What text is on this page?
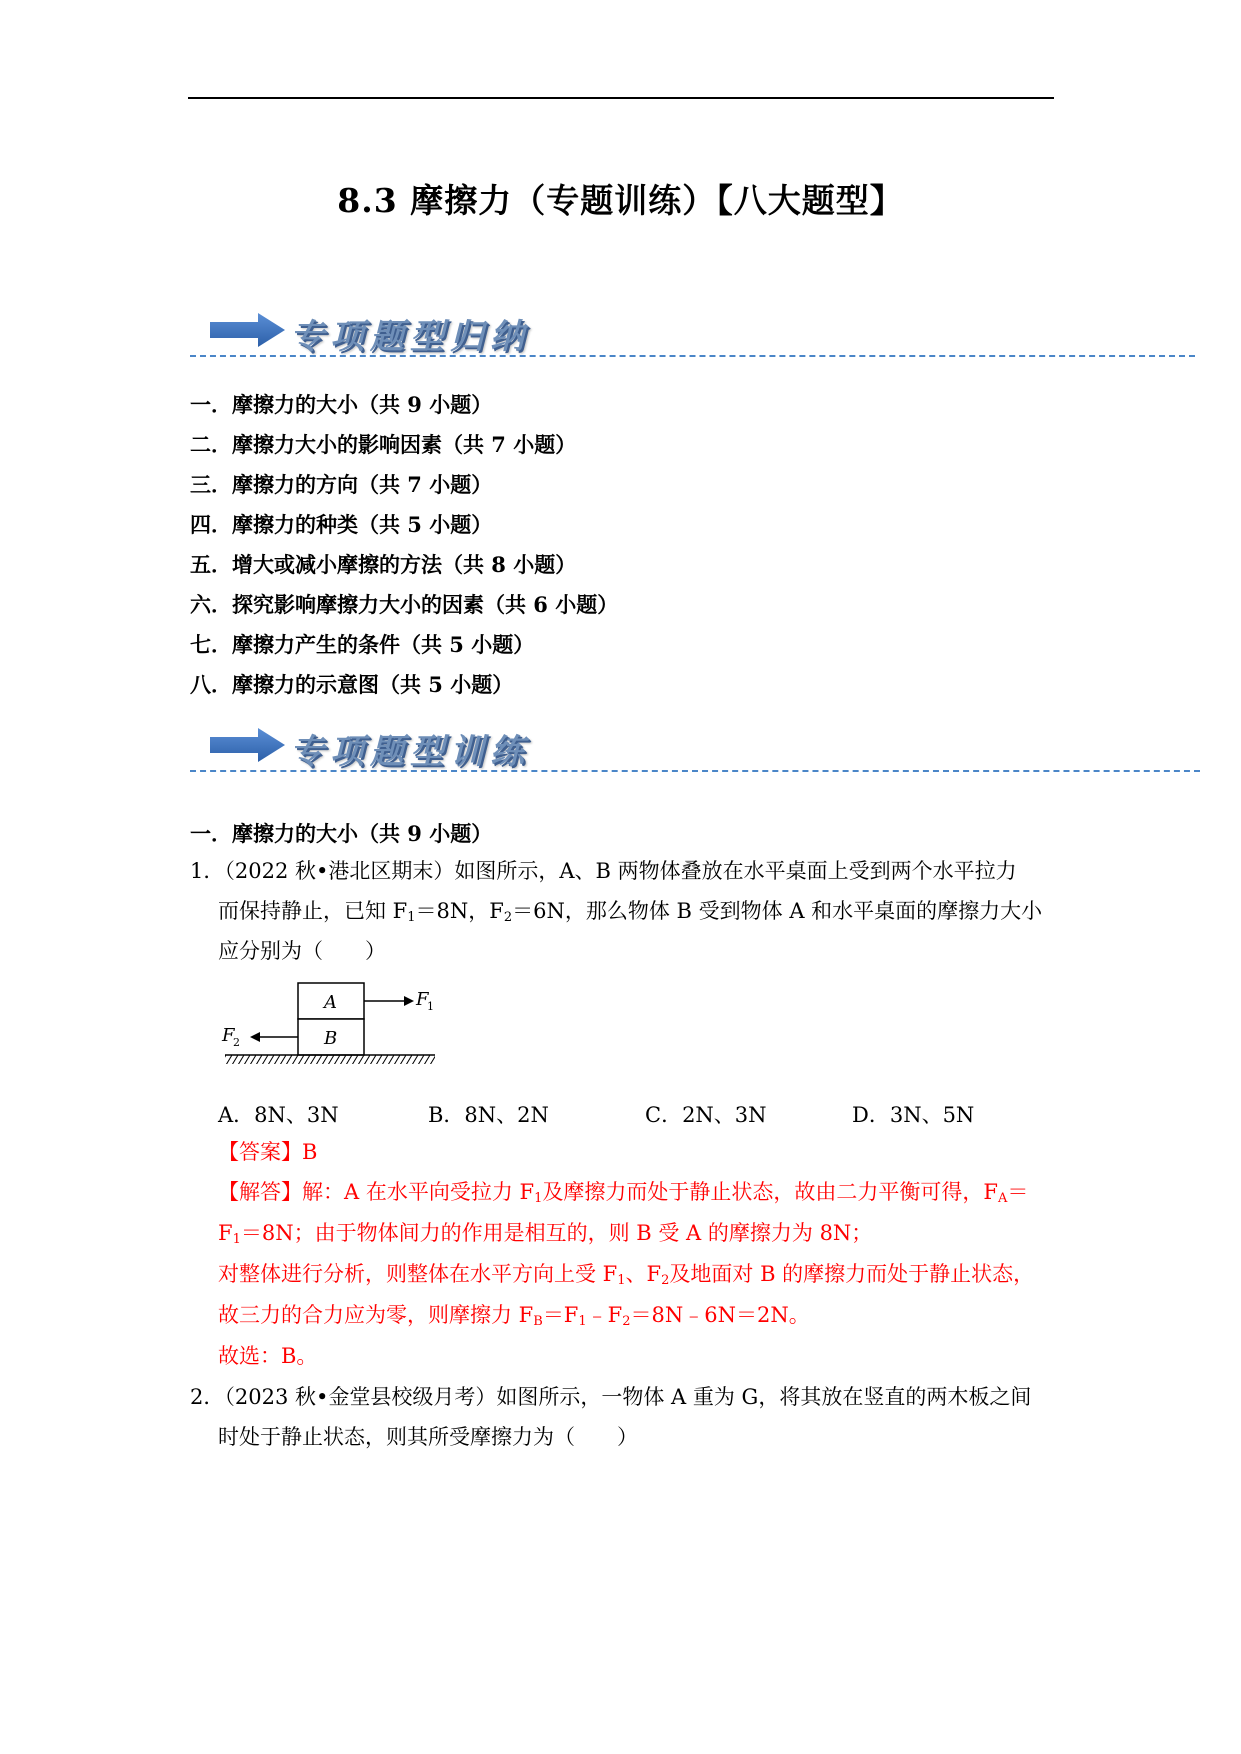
8.3 摩擦力（专题训练）【八大题型】
专项题型归纳
一．摩擦力的大小（共 9 小题）
二．摩擦力大小的影响因素（共 7 小题）
三．摩擦力的方向（共 7 小题）
四．摩擦力的种类（共 5 小题）
五．增大或减小摩擦的方法（共 8 小题）
六．探究影响摩擦力大小的因素（共 6 小题）
七．摩擦力产生的条件（共 5 小题）
八．摩擦力的示意图（共 5 小题）
专项题型训练
一．摩擦力的大小（共 9 小题）
1．（2022 秋•港北区期末）如图所示，A、B 两物体叠放在水平桌面上受到两个水平拉力
而保持静止，已知 $F_1=8N$，$F_2=6N$，那么物体 B 受到物体 A 和水平桌面的摩擦力大小
应分别为（　　）
A
B
F
1
F
2
A．8N、3N	B．8N、2N	C．2N、3N	D．3N、5N
【答案】B
【解答】解：A 在水平向受拉力 $F_1$及摩擦力而处于静止状态，故由二力平衡可得，$F_A=$
$F_1=8N$；由于物体间力的作用是相互的，则 B 受 A 的摩擦力为 8N；
对整体进行分析，则整体在水平方向上受 $F_1$、$F_2$及地面对 B 的摩擦力而处于静止状态，
故三力的合力应为零，则摩擦力 $F_B=F_1﹣F_2=8N﹣6N=2N$。
故选：B。
2．（2023 秋•金堂县校级月考）如图所示，一物体 A 重为 G，将其放在竖直的两木板之间
时处于静止状态，则其所受摩擦力为（　　）
